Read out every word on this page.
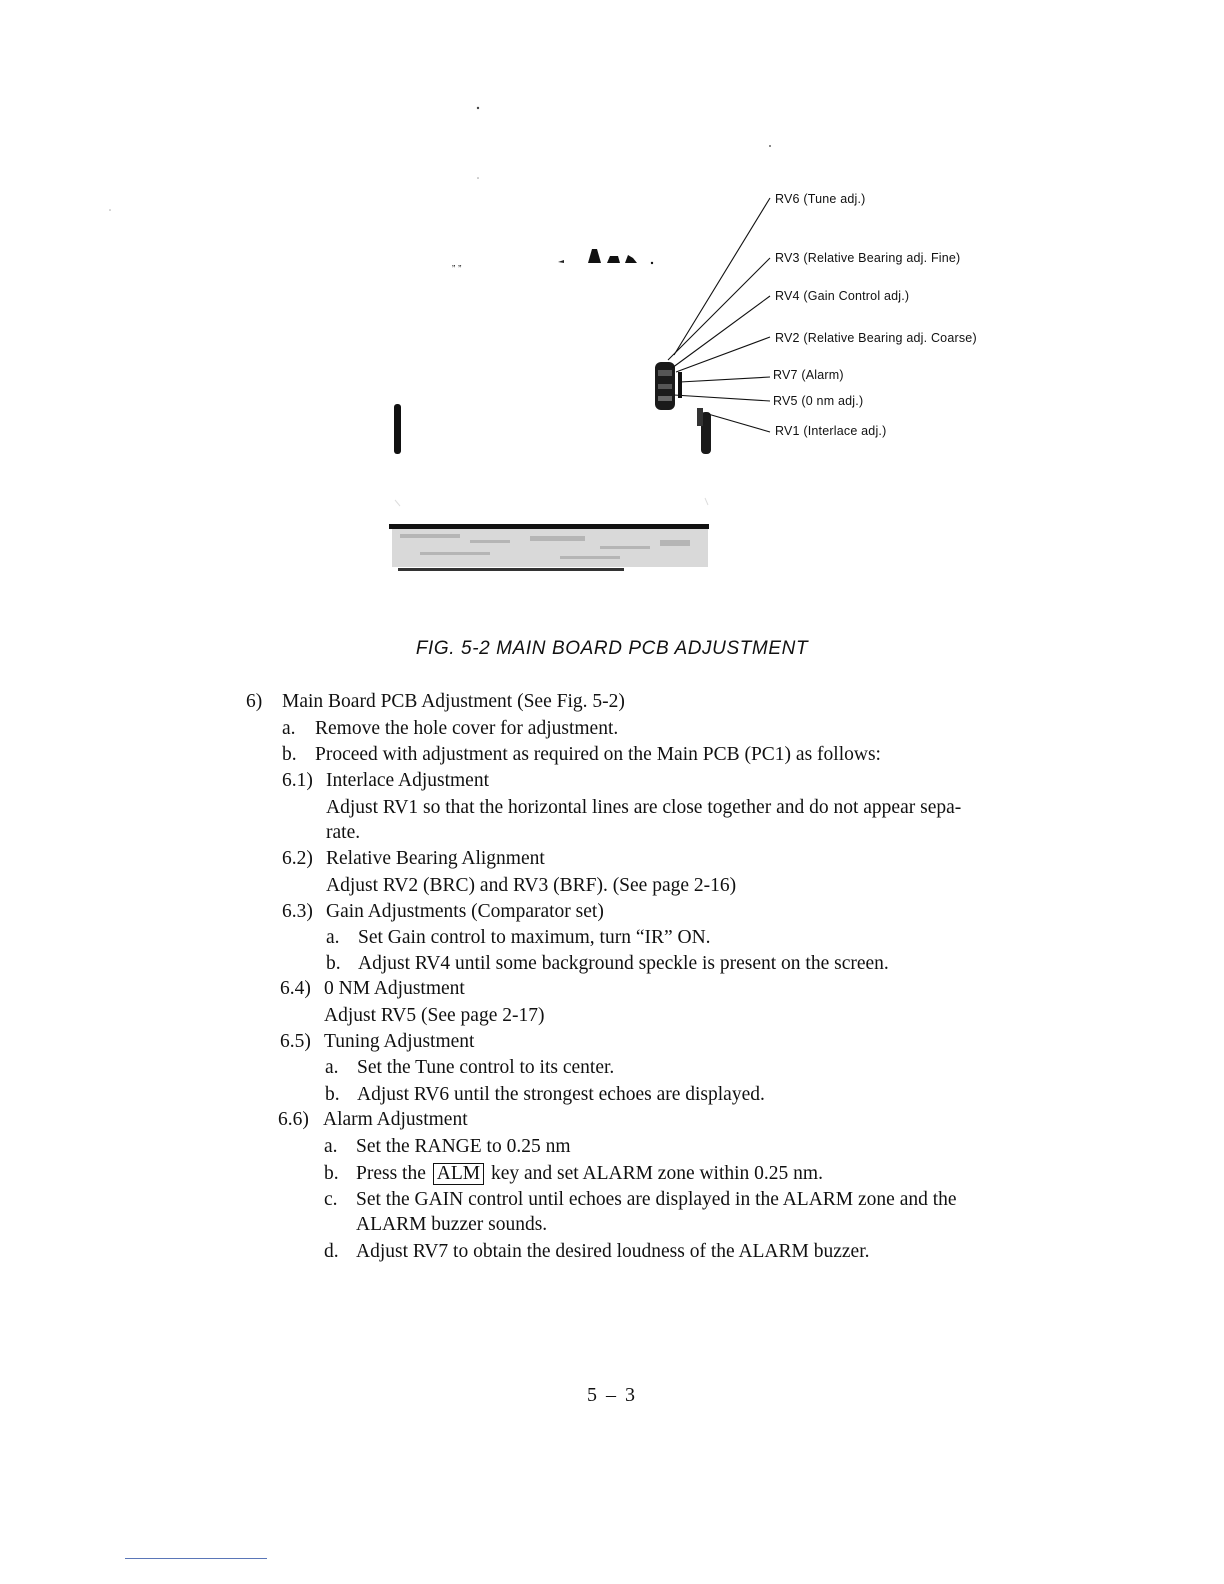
„ „
RV6 (Tune adj.)
RV3 (Relative Bearing adj. Fine)
RV4 (Gain Control adj.)
RV2 (Relative Bearing adj. Coarse)
RV7 (Alarm)
RV5 (0 nm adj.)
RV1 (Interlace adj.)
FIG. 5-2 MAIN BOARD PCB ADJUSTMENT
6) Main Board PCB Adjustment (See Fig. 5-2)
a. Remove the hole cover for adjustment.
b. Proceed with adjustment as required on the Main PCB (PC1) as follows:
6.1) Interlace Adjustment
Adjust RV1 so that the horizontal lines are close together and do not appear sepa-
rate.
6.2) Relative Bearing Alignment
Adjust RV2 (BRC) and RV3 (BRF). (See page 2-16)
6.3) Gain Adjustments (Comparator set)
a. Set Gain control to maximum, turn “IR” ON.
b. Adjust RV4 until some background speckle is present on the screen.
6.4) 0 NM Adjustment
Adjust RV5 (See page 2-17)
6.5) Tuning Adjustment
a. Set the Tune control to its center.
b. Adjust RV6 until the strongest echoes are displayed.
6.6) Alarm Adjustment
a. Set the RANGE to 0.25 nm
b. Press the ALM key and set ALARM zone within 0.25 nm.
c. Set the GAIN control until echoes are displayed in the ALARM zone and the
ALARM buzzer sounds.
d. Adjust RV7 to obtain the desired loudness of the ALARM buzzer.
5 – 3
